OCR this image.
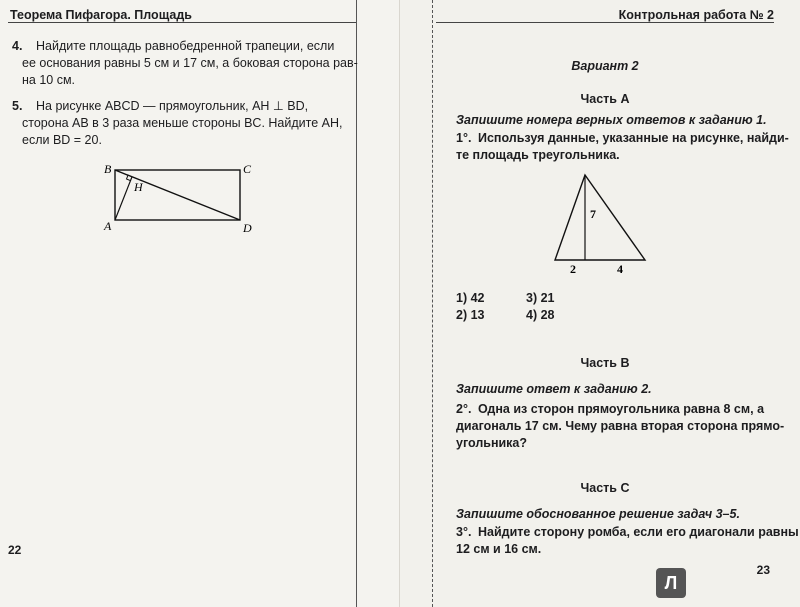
Теорема Пифагора. Площадь
4. Найдите площадь равнобедренной трапеции, если
ее основания равны 5 см и 17 см, а боковая сторона рав-
на 10 см.
5. На рисунке ABCD — прямоугольник, AH ⊥ BD,
сторона AB в 3 раза меньше стороны BC. Найдите AH,
если BD = 20.
B	C
A	D
H
22
Контрольная работа № 2
Вариант 2
Часть А
Запишите номера верных ответов к заданию 1.
1°. Используя данные, указанные на рисунке, найди-
те площадь треугольника.
7
2	4
1) 42	3) 21
2) 13	4) 28
Часть В
Запишите ответ к заданию 2.
2°. Одна из сторон прямоугольника равна 8 см, а
диагональ 17 см. Чему равна вторая сторона прямо-
угольника?
Часть С
Запишите обоснованное решение задач 3–5.
3°. Найдите сторону ромба, если его диагонали равны
12 см и 16 см.
23
Л
